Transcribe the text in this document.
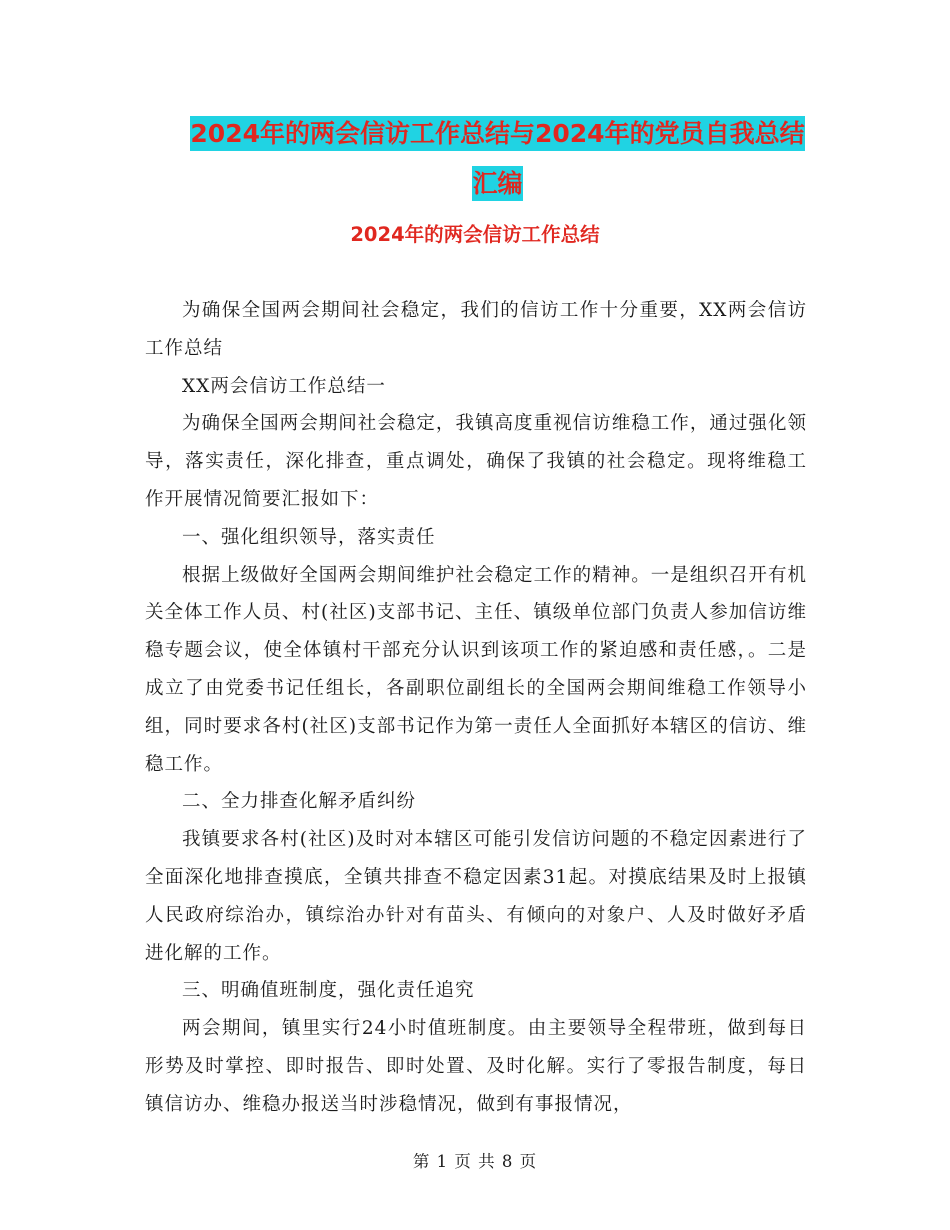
2024年的两会信访工作总结与2024年的党员自我总结
汇编
2024年的两会信访工作总结

为确保全国两会期间社会稳定，我们的信访工作十分重要，XX两会信访工作总结

XX两会信访工作总结一

为确保全国两会期间社会稳定，我镇高度重视信访维稳工作，通过强化领导，落实责任，深化排查，重点调处，确保了我镇的社会稳定。现将维稳工作开展情况简要汇报如下：

一、强化组织领导，落实责任

根据上级做好全国两会期间维护社会稳定工作的精神。一是组织召开有机关全体工作人员、村(社区)支部书记、主任、镇级单位部门负责人参加信访维稳专题会议，使全体镇村干部充分认识到该项工作的紧迫感和责任感，。二是成立了由党委书记任组长，各副职位副组长的全国两会期间维稳工作领导小组，同时要求各村(社区)支部书记作为第一责任人全面抓好本辖区的信访、维稳工作。

二、全力排查化解矛盾纠纷

我镇要求各村(社区)及时对本辖区可能引发信访问题的不稳定因素进行了全面深化地排查摸底，全镇共排查不稳定因素31起。对摸底结果及时上报镇人民政府综治办，镇综治办针对有苗头、有倾向的对象户、人及时做好矛盾进化解的工作。

三、明确值班制度，强化责任追究

两会期间，镇里实行24小时值班制度。由主要领导全程带班，做到每日形势及时掌控、即时报告、即时处置、及时化解。实行了零报告制度，每日镇信访办、维稳办报送当时涉稳情况，做到有事报情况，

第 1 页 共 8 页
